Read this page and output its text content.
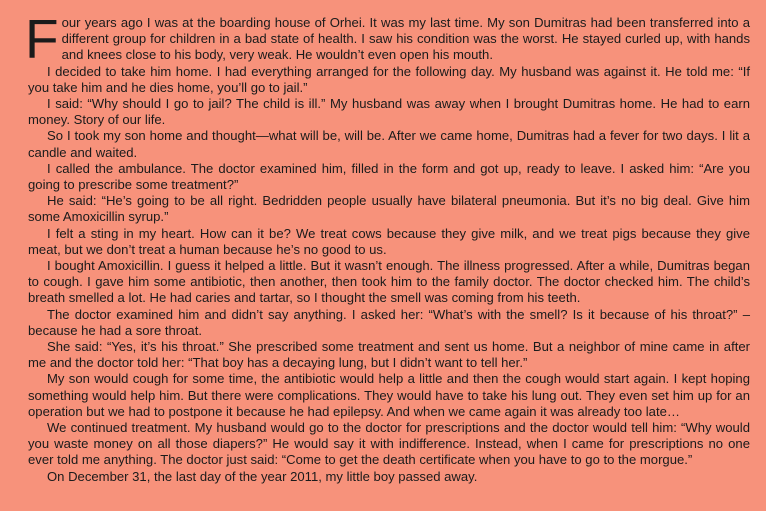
Four years ago I was at the boarding house of Orhei. It was my last time. My son Dumitras had been transferred into a different group for children in a bad state of health. I saw his condition was the worst. He stayed curled up, with hands and knees close to his body, very weak. He wouldn’t even open his mouth.

I decided to take him home. I had everything arranged for the following day. My husband was against it. He told me: “If you take him and he dies home, you’ll go to jail.”

I said: “Why should I go to jail? The child is ill.” My husband was away when I brought Dumitras home. He had to earn money. Story of our life.

So I took my son home and thought—what will be, will be. After we came home, Dumitras had a fever for two days. I lit a candle and waited.

I called the ambulance. The doctor examined him, filled in the form and got up, ready to leave. I asked him: “Are you going to prescribe some treatment?”

He said: “He’s going to be all right. Bedridden people usually have bilateral pneumonia. But it’s no big deal. Give him some Amoxicillin syrup.”

I felt a sting in my heart. How can it be? We treat cows because they give milk, and we treat pigs because they give meat, but we don’t treat a human because he’s no good to us.

I bought Amoxicillin. I guess it helped a little. But it wasn’t enough. The illness progressed. After a while, Dumitras began to cough. I gave him some antibiotic, then another, then took him to the family doctor. The doctor checked him. The child’s breath smelled a lot. He had caries and tartar, so I thought the smell was coming from his teeth.

The doctor examined him and didn’t say anything. I asked her: “What’s with the smell? Is it because of his throat?” – because he had a sore throat.

She said: “Yes, it’s his throat.” She prescribed some treatment and sent us home. But a neighbor of mine came in after me and the doctor told her: “That boy has a decaying lung, but I didn’t want to tell her.”

My son would cough for some time, the antibiotic would help a little and then the cough would start again. I kept hoping something would help him. But there were complications. They would have to take his lung out. They even set him up for an operation but we had to postpone it because he had epilepsy. And when we came again it was already too late…

We continued treatment. My husband would go to the doctor for prescriptions and the doctor would tell him: “Why would you waste money on all those diapers?” He would say it with indifference. Instead, when I came for prescriptions no one ever told me anything. The doctor just said: “Come to get the death certificate when you have to go to the morgue.”

On December 31, the last day of the year 2011, my little boy passed away.
